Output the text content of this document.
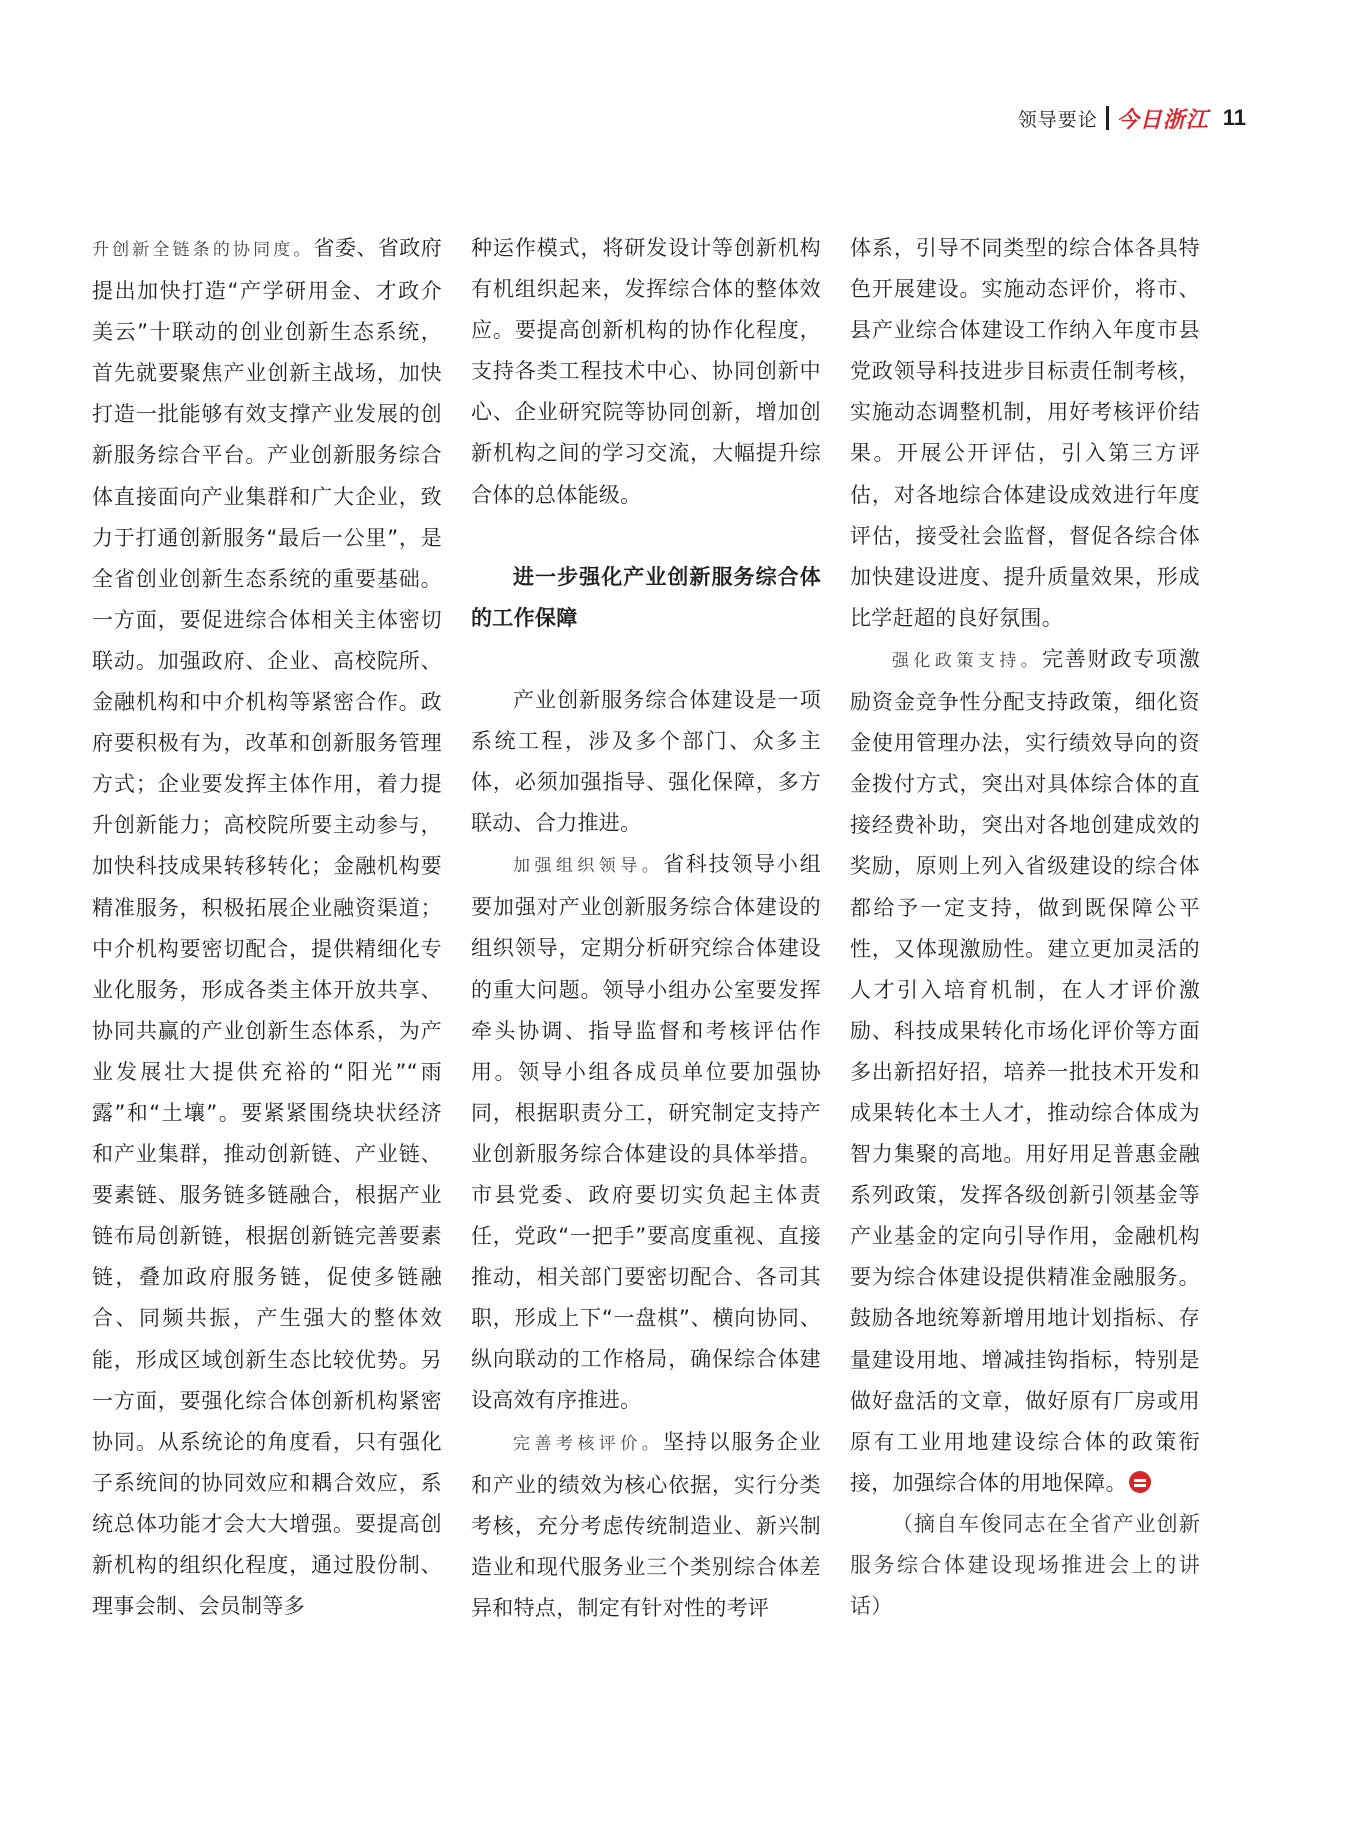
领导要论 今日浙江 11

升创新全链条的协同度。省委、省政府提出加快打造“产学研用金、才政介美云”十联动的创业创新生态系统，首先就要聚焦产业创新主战场，加快打造一批能够有效支撑产业发展的创新服务综合平台。产业创新服务综合体直接面向产业集群和广大企业，致力于打通创新服务“最后一公里”，是全省创业创新生态系统的重要基础。一方面，要促进综合体相关主体密切联动。加强政府、企业、高校院所、金融机构和中介机构等紧密合作。政府要积极有为，改革和创新服务管理方式；企业要发挥主体作用，着力提升创新能力；高校院所要主动参与，加快科技成果转移转化；金融机构要精准服务，积极拓展企业融资渠道；中介机构要密切配合，提供精细化专业化服务，形成各类主体开放共享、协同共赢的产业创新生态体系，为产业发展壮大提供充裕的“阳光”“雨露”和“土壤”。要紧紧围绕块状经济和产业集群，推动创新链、产业链、要素链、服务链多链融合，根据产业链布局创新链，根据创新链完善要素链，叠加政府服务链，促使多链融合、同频共振，产生强大的整体效能，形成区域创新生态比较优势。另一方面，要强化综合体创新机构紧密协同。从系统论的角度看，只有强化子系统间的协同效应和耦合效应，系统总体功能才会大大增强。要提高创新机构的组织化程度，通过股份制、理事会制、会员制等多

种运作模式，将研发设计等创新机构有机组织起来，发挥综合体的整体效应。要提高创新机构的协作化程度，支持各类工程技术中心、协同创新中心、企业研究院等协同创新，增加创新机构之间的学习交流，大幅提升综合体的总体能级。

进一步强化产业创新服务综合体的工作保障

产业创新服务综合体建设是一项系统工程，涉及多个部门、众多主体，必须加强指导、强化保障，多方联动、合力推进。

加强组织领导。省科技领导小组要加强对产业创新服务综合体建设的组织领导，定期分析研究综合体建设的重大问题。领导小组办公室要发挥牵头协调、指导监督和考核评估作用。领导小组各成员单位要加强协同，根据职责分工，研究制定支持产业创新服务综合体建设的具体举措。市县党委、政府要切实负起主体责任，党政“一把手”要高度重视、直接推动，相关部门要密切配合、各司其职，形成上下“一盘棋”、横向协同、纵向联动的工作格局，确保综合体建设高效有序推进。

完善考核评价。坚持以服务企业和产业的绩效为核心依据，实行分类考核，充分考虑传统制造业、新兴制造业和现代服务业三个类别综合体差异和特点，制定有针对性的考评

体系，引导不同类型的综合体各具特色开展建设。实施动态评价，将市、县产业综合体建设工作纳入年度市县党政领导科技进步目标责任制考核，实施动态调整机制，用好考核评价结果。开展公开评估，引入第三方评估，对各地综合体建设成效进行年度评估，接受社会监督，督促各综合体加快建设进度、提升质量效果，形成比学赶超的良好氛围。

强化政策支持。完善财政专项激励资金竞争性分配支持政策，细化资金使用管理办法，实行绩效导向的资金拨付方式，突出对具体综合体的直接经费补助，突出对各地创建成效的奖励，原则上列入省级建设的综合体都给予一定支持，做到既保障公平性，又体现激励性。建立更加灵活的人才引入培育机制，在人才评价激励、科技成果转化市场化评价等方面多出新招好招，培养一批技术开发和成果转化本土人才，推动综合体成为智力集聚的高地。用好用足普惠金融系列政策，发挥各级创新引领基金等产业基金的定向引导作用，金融机构要为综合体建设提供精准金融服务。鼓励各地统筹新增用地计划指标、存量建设用地、增减挂钩指标，特别是做好盘活的文章，做好原有厂房或用原有工业用地建设综合体的政策衔接，加强综合体的用地保障。

（摘自车俊同志在全省产业创新服务综合体建设现场推进会上的讲话）
